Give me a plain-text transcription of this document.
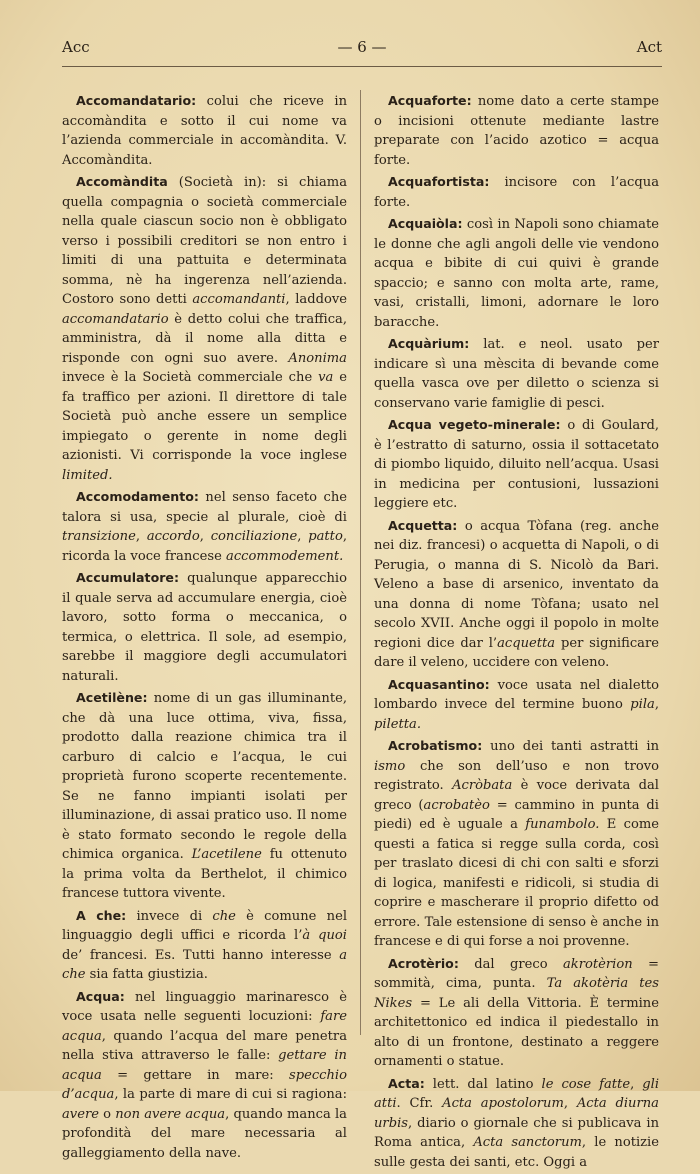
Acc	— 6 —	Act

Accomandatario: colui che riceve in accomàndita e sotto il cui nome va l’azienda commerciale in accomàndita. V. Accomàndita.

Accomàndita (Società in): si chiama quella compagnia o società commerciale nella quale ciascun socio non è obbligato verso i possibili creditori se non entro i limiti di una pattuita e determinata somma, nè ha ingerenza nell’azienda. Costoro sono detti accomandanti, laddove accomandatario è detto colui che traffica, amministra, dà il nome alla ditta e risponde con ogni suo avere. Anonima invece è la Società commerciale che va e fa traffico per azioni. Il direttore di tale Società può anche essere un semplice impiegato o gerente in nome degli azionisti. Vi corrisponde la voce inglese limited.

Accomodamento: nel senso faceto che talora si usa, specie al plurale, cioè di transizione, accordo, conciliazione, patto, ricorda la voce francese accommodement.

Accumulatore: qualunque apparecchio il quale serva ad accumulare energia, cioè lavoro, sotto forma o meccanica, o termica, o elettrica. Il sole, ad esempio, sarebbe il maggiore degli accumulatori naturali.

Acetilène: nome di un gas illuminante, che dà una luce ottima, viva, fissa, prodotto dalla reazione chimica tra il carburo di calcio e l’acqua, le cui proprietà furono scoperte recentemente. Se ne fanno impianti isolati per illuminazione, di assai pratico uso. Il nome è stato formato secondo le regole della chimica organica. L’acetilene fu ottenuto la prima volta da Berthelot, il chimico francese tuttora vivente.

A che: invece di che è comune nel linguaggio degli uffici e ricorda l’à quoi de’ francesi. Es. Tutti hanno interesse a che sia fatta giustizia.

Acqua: nel linguaggio marinaresco è voce usata nelle seguenti locuzioni: fare acqua, quando l’acqua del mare penetra nella stiva attraverso le falle: gettare in acqua = gettare in mare: specchio d’acqua, la parte di mare di cui si ragiona: avere o non avere acqua, quando manca la profondità del mare necessaria al galleggiamento della nave.

Acquaforte: nome dato a certe stampe o incisioni ottenute mediante lastre preparate con l’acido azotico = acqua forte.

Acquafortista: incisore con l’acqua forte.

Acquaiòla: così in Napoli sono chiamate le donne che agli angoli delle vie vendono acqua e bibite di cui quivi è grande spaccio; e sanno con molta arte, rame, vasi, cristalli, limoni, adornare le loro baracche.

Acquàrium: lat. e neol. usato per indicare sì una mèscita di bevande come quella vasca ove per diletto o scienza si conservano varie famiglie di pesci.

Acqua vegeto-minerale: o di Goulard, è l’estratto di saturno, ossia il sottacetato di piombo liquido, diluito nell’acqua. Usasi in medicina per contusioni, lussazioni leggiere etc.

Acquetta: o acqua Tòfana (reg. anche nei diz. francesi) o acquetta di Napoli, o di Perugia, o manna di S. Nicolò da Bari. Veleno a base di arsenico, inventato da una donna di nome Tòfana; usato nel secolo XVII. Anche oggi il popolo in molte regioni dice dar l’acquetta per significare dare il veleno, uccidere con veleno.

Acquasantino: voce usata nel dialetto lombardo invece del termine buono pila, piletta.

Acrobatismo: uno dei tanti astratti in ismo che son dell’uso e non trovo registrato. Acròbata è voce derivata dal greco (acrobatèo = cammino in punta di piedi) ed è uguale a funambolo. E come questi a fatica si regge sulla corda, così per traslato dicesi di chi con salti e sforzi di logica, manifesti e ridicoli, si studia di coprire e mascherare il proprio difetto od errore. Tale estensione di senso è anche in francese e di qui forse a noi provenne.

Acrotèrio: dal greco akrotèrion = sommità, cima, punta. Ta akotèria tes Nikes = Le ali della Vittoria. È termine architettonico ed indica il piedestallo in alto di un frontone, destinato a reggere ornamenti o statue.

Acta: lett. dal latino le cose fatte, gli atti. Cfr. Acta apostolorum, Acta diurna urbis, diario o giornale che si publicava in Roma antica, Acta sanctorum, le notizie sulle gesta dei santi, etc. Oggi a
